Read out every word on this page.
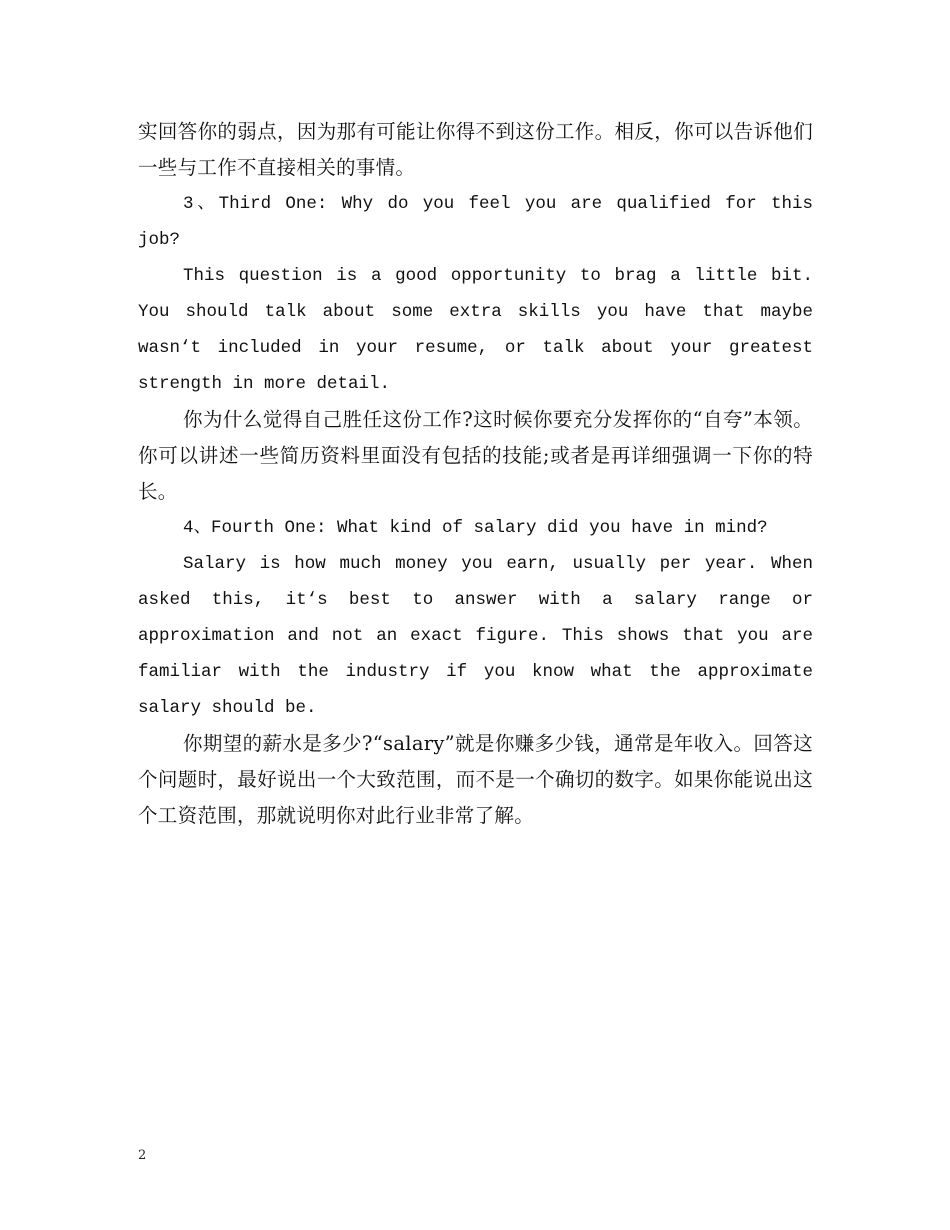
实回答你的弱点，因为那有可能让你得不到这份工作。相反，你可以告诉他们一些与工作不直接相关的事情。

3、Third One: Why do you feel you are qualified for this job?

This question is a good opportunity to brag a little bit. You should talk about some extra skills you have that maybe wasn‘t included in your resume, or talk about your greatest strength in more detail.

你为什么觉得自己胜任这份工作?这时候你要充分发挥你的“自夸”本领。你可以讲述一些简历资料里面没有包括的技能;或者是再详细强调一下你的特长。

4、Fourth One: What kind of salary did you have in mind?

Salary is how much money you earn, usually per year. When asked this, it‘s best to answer with a salary range or approximation and not an exact figure. This shows that you are familiar with the industry if you know what the approximate salary should be.

你期望的薪水是多少?“salary”就是你赚多少钱，通常是年收入。回答这个问题时，最好说出一个大致范围，而不是一个确切的数字。如果你能说出这个工资范围，那就说明你对此行业非常了解。

2
